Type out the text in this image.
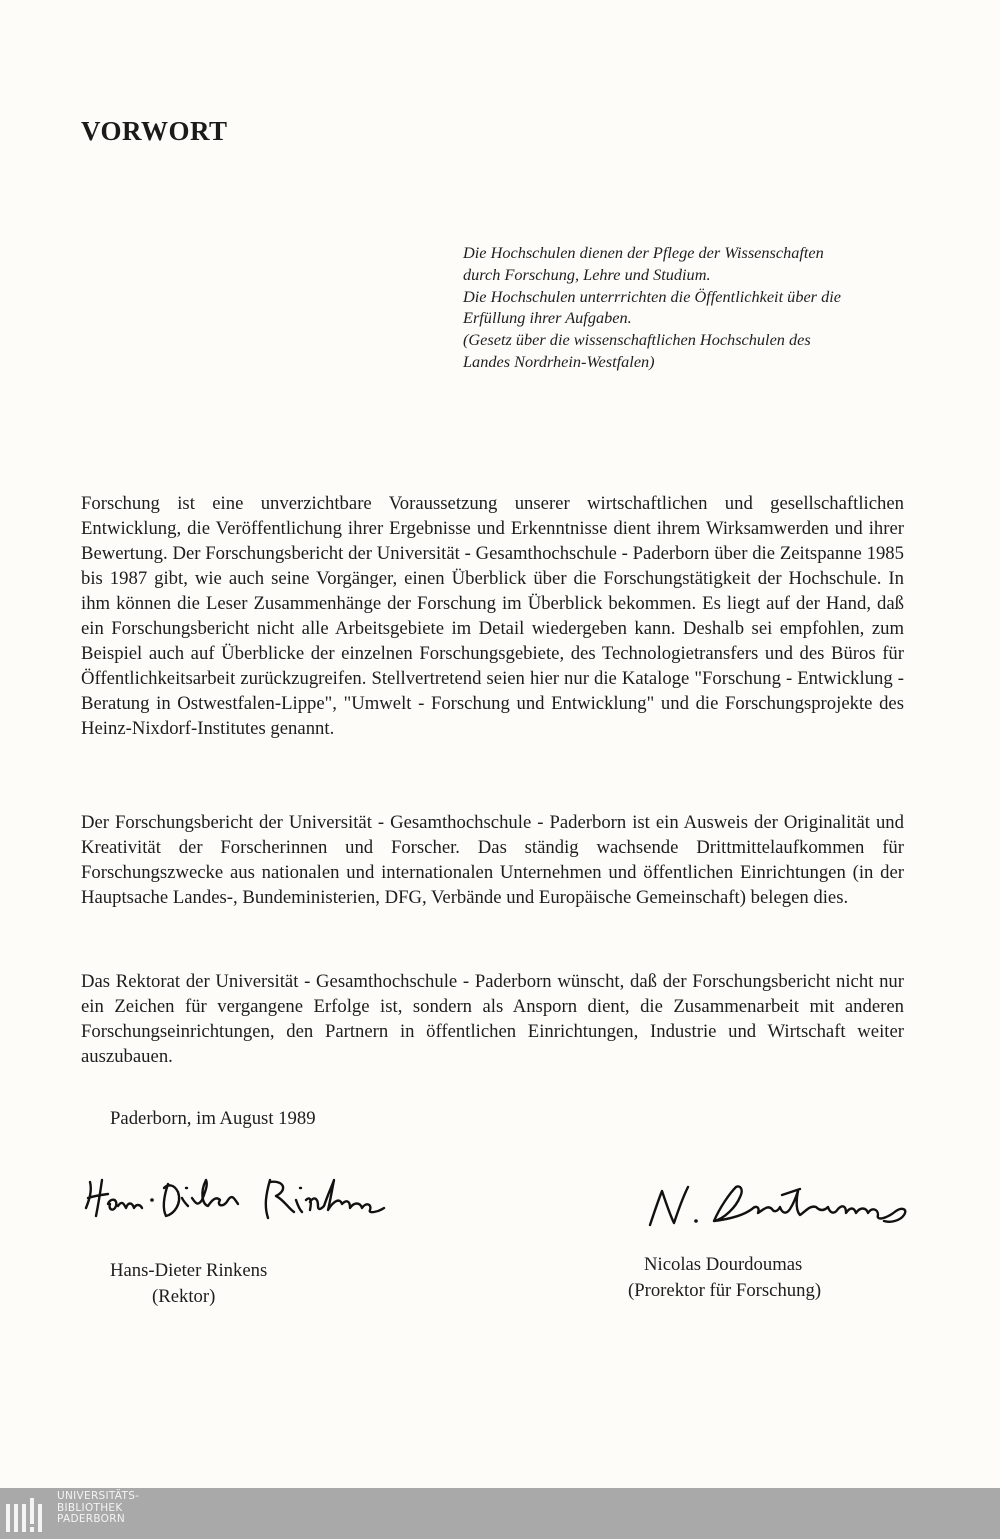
VORWORT
Die Hochschulen dienen der Pflege der Wissenschaften
durch Forschung, Lehre und Studium.
Die Hochschulen unterrrichten die Öffentlichkeit über die
Erfüllung ihrer Aufgaben.
(Gesetz über die wissenschaftlichen Hochschulen des
Landes Nordrhein-Westfalen)

Forschung ist eine unverzichtbare Voraussetzung unserer wirtschaftlichen und gesellschaftlichen Entwicklung, die Veröffentlichung ihrer Ergebnisse und Erkenntnisse dient ihrem Wirksamwerden und ihrer Bewertung. Der Forschungsbericht der Universität - Gesamthochschule - Paderborn über die Zeitspanne 1985 bis 1987 gibt, wie auch seine Vorgänger, einen Überblick über die Forschungstätigkeit der Hochschule. In ihm können die Leser Zusammenhänge der Forschung im Überblick bekommen. Es liegt auf der Hand, daß ein Forschungsbericht nicht alle Arbeitsgebiete im Detail wiedergeben kann. Deshalb sei empfohlen, zum Beispiel auch auf Überblicke der einzelnen Forschungsgebiete, des Technologietransfers und des Büros für Öffentlichkeitsarbeit zurückzugreifen. Stellvertretend seien hier nur die Kataloge "Forschung - Entwicklung - Beratung in Ostwestfalen-Lippe", "Umwelt - Forschung und Entwicklung" und die Forschungsprojekte des Heinz-Nixdorf-Institutes genannt.

Der Forschungsbericht der Universität - Gesamthochschule - Paderborn ist ein Ausweis der Originalität und Kreativität der Forscherinnen und Forscher. Das ständig wachsende Drittmittelaufkommen für Forschungszwecke aus nationalen und internationalen Unternehmen und öffentlichen Einrichtungen (in der Hauptsache Landes-, Bundeministerien, DFG, Verbände und Europäische Gemeinschaft) belegen dies.

Das Rektorat der Universität - Gesamthochschule - Paderborn wünscht, daß der Forschungsbericht nicht nur ein Zeichen für vergangene Erfolge ist, sondern als Ansporn dient, die Zusammenarbeit mit anderen Forschungseinrichtungen, den Partnern in öffentlichen Einrichtungen, Industrie und Wirtschaft weiter auszubauen.

Paderborn, im August 1989
Hans-Dieter Rinkens
(Rektor)
Nicolas Dourdoumas
(Prorektor für Forschung)
UNIVERSITÄTS-
BIBLIOTHEK
PADERBORN
